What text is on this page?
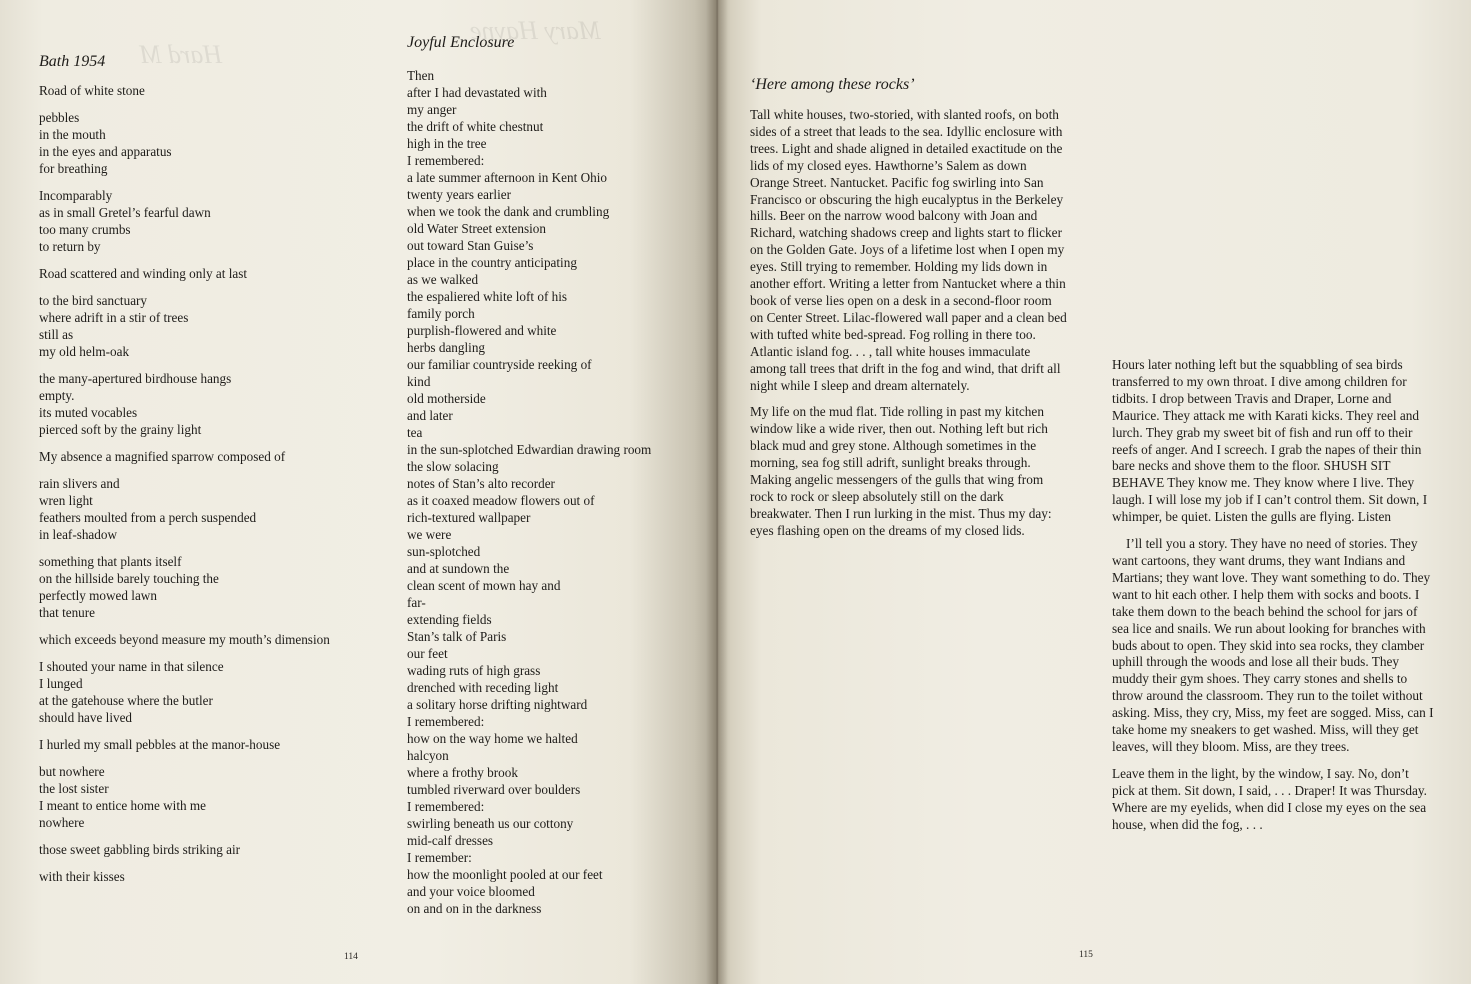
Mary Hayne
Hard M
Bath 1954
Road of white stone
pebbles
in the mouth
in the eyes and apparatus
for breathing
Incomparably
as in small Gretel’s fearful dawn
too many crumbs
to return by
Road scattered and winding only at last
to the bird sanctuary
where adrift in a stir of trees
still as
my old helm-oak
the many-apertured birdhouse hangs
empty.
its muted vocables
pierced soft by the grainy light
My absence a magnified sparrow composed of
rain slivers and
wren light
feathers moulted from a perch suspended
in leaf-shadow
something that plants itself
on the hillside barely touching the
perfectly mowed lawn
that tenure
which exceeds beyond measure my mouth’s dimension
I shouted your name in that silence
I lunged
at the gatehouse where the butler
should have lived
I hurled my small pebbles at the manor-house
but nowhere
the lost sister
I meant to entice home with me
nowhere
those sweet gabbling birds striking air
with their kisses
Joyful Enclosure
Then
after I had devastated with
my anger
the drift of white chestnut
high in the tree
I remembered:
a late summer afternoon in Kent Ohio
twenty years earlier
when we took the dank and crumbling
old Water Street extension
out toward Stan Guise’s
place in the country anticipating
as we walked
the espaliered white loft of his
family porch
purplish-flowered and white
herbs dangling
our familiar countryside reeking of
kind
old motherside
and later
tea
in the sun-splotched Edwardian drawing room
the slow solacing
notes of Stan’s alto recorder
as it coaxed meadow flowers out of
rich-textured wallpaper
we were
sun-splotched
and at sundown the
clean scent of mown hay and
far-
extending fields
Stan’s talk of Paris
our feet
wading ruts of high grass
drenched with receding light
a solitary horse drifting nightward
I remembered:
how on the way home we halted
halcyon
where a frothy brook
tumbled riverward over boulders
I remembered:
swirling beneath us our cottony
mid-calf dresses
I remember:
how the moonlight pooled at our feet
and your voice bloomed
on and on in the darkness
114
‘Here among these rocks’
Tall white houses, two-storied, with slanted roofs, on both sides of a street that leads to the sea. Idyllic enclosure with trees. Light and shade aligned in detailed exactitude on the lids of my closed eyes. Hawthorne’s Salem as down Orange Street. Nantucket. Pacific fog swirling into San Francisco or obscuring the high eucalyptus in the Berkeley hills. Beer on the narrow wood balcony with Joan and Richard, watching shadows creep and lights start to flicker on the Golden Gate. Joys of a lifetime lost when I open my eyes. Still trying to remember. Holding my lids down in another effort. Writing a letter from Nantucket where a thin book of verse lies open on a desk in a second-floor room on Center Street. Lilac-flowered wall paper and a clean bed with tufted white bed-spread. Fog rolling in there too. Atlantic island fog. . . , tall white houses immaculate among tall trees that drift in the fog and wind, that drift all night while I sleep and dream alternately.
My life on the mud flat. Tide rolling in past my kitchen window like a wide river, then out. Nothing left but rich black mud and grey stone. Although sometimes in the morning, sea fog still adrift, sunlight breaks through. Making angelic messengers of the gulls that wing from rock to rock or sleep absolutely still on the dark breakwater. Then I run lurking in the mist. Thus my day: eyes flashing open on the dreams of my closed lids.
Hours later nothing left but the squabbling of sea birds transferred to my own throat. I dive among children for tidbits. I drop between Travis and Draper, Lorne and Maurice. They attack me with Karati kicks. They reel and lurch. They grab my sweet bit of fish and run off to their reefs of anger. And I screech. I grab the napes of their thin bare necks and shove them to the floor. SHUSH SIT BEHAVE They know me. They know where I live. They laugh. I will lose my job if I can’t control them. Sit down, I whimper, be quiet. Listen the gulls are flying. Listen
I’ll tell you a story. They have no need of stories. They want cartoons, they want drums, they want Indians and Martians; they want love. They want something to do. They want to hit each other. I help them with socks and boots. I take them down to the beach behind the school for jars of sea lice and snails. We run about looking for branches with buds about to open. They skid into sea rocks, they clamber uphill through the woods and lose all their buds. They muddy their gym shoes. They carry stones and shells to throw around the classroom. They run to the toilet without asking. Miss, they cry, Miss, my feet are sogged. Miss, can I take home my sneakers to get washed. Miss, will they get leaves, will they bloom. Miss, are they trees.
Leave them in the light, by the window, I say. No, don’t pick at them. Sit down, I said, . . . Draper! It was Thursday. Where are my eyelids, when did I close my eyes on the sea house, when did the fog, . . .
115
